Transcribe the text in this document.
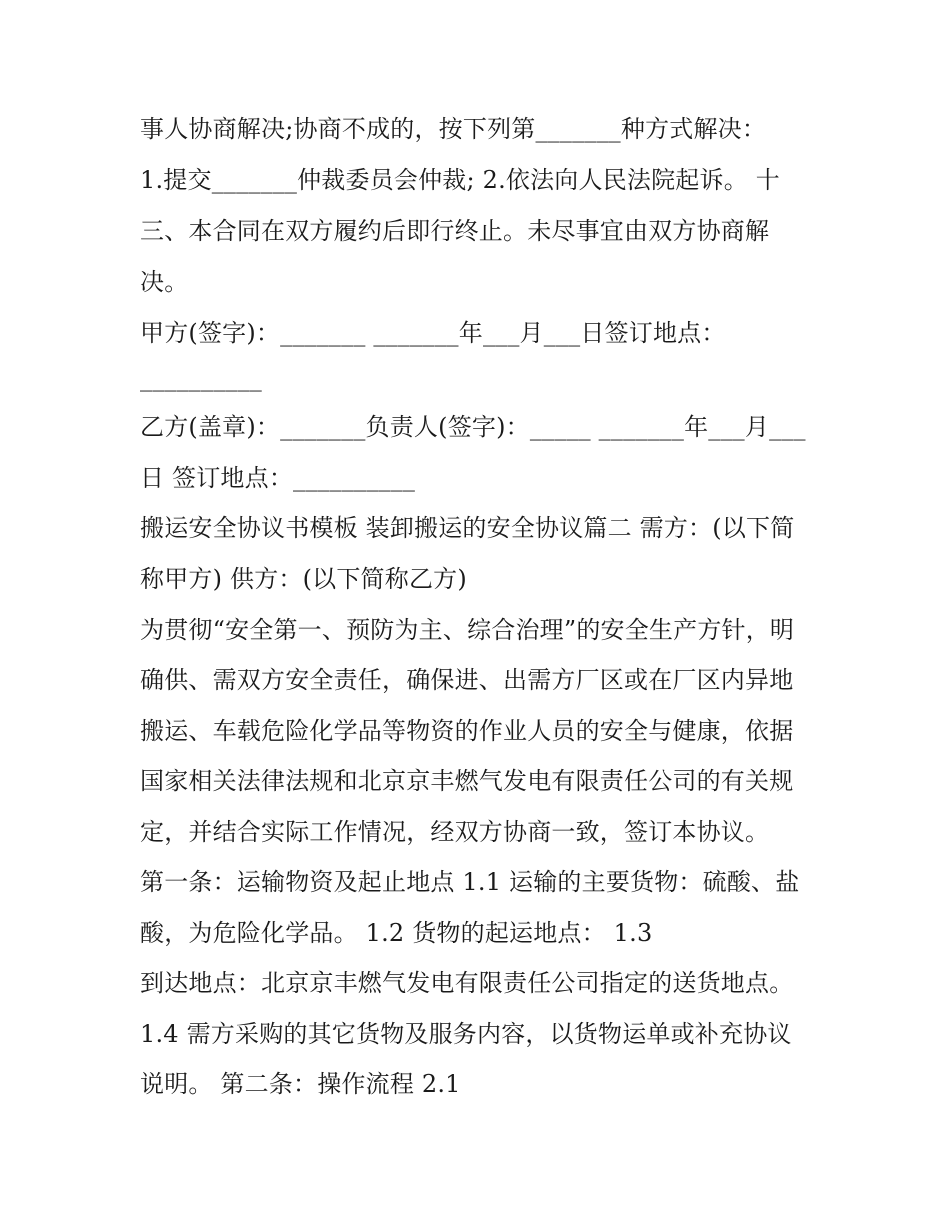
事人协商解决;协商不成的，按下列第_______种方式解决：
1.提交_______仲裁委员会仲裁; 2.依法向人民法院起诉。 十
三、本合同在双方履约后即行终止。未尽事宜由双方协商解
决。
甲方(签字)：_______ _______年___月___日签订地点：
__________
乙方(盖章)：_______负责人(签字)：_____ _______年___月___
日 签订地点：__________
搬运安全协议书模板 装卸搬运的安全协议篇二 需方：(以下简
称甲方) 供方：(以下简称乙方)
为贯彻“安全第一、预防为主、综合治理”的安全生产方针，明
确供、需双方安全责任，确保进、出需方厂区或在厂区内异地
搬运、车载危险化学品等物资的作业人员的安全与健康，依据
国家相关法律法规和北京京丰燃气发电有限责任公司的有关规
定，并结合实际工作情况，经双方协商一致，签订本协议。
第一条：运输物资及起止地点 1.1 运输的主要货物：硫酸、盐
酸，为危险化学品。 1.2 货物的起运地点： 1.3
到达地点：北京京丰燃气发电有限责任公司指定的送货地点。
1.4 需方采购的其它货物及服务内容，以货物运单或补充协议
说明。 第二条：操作流程 2.1
